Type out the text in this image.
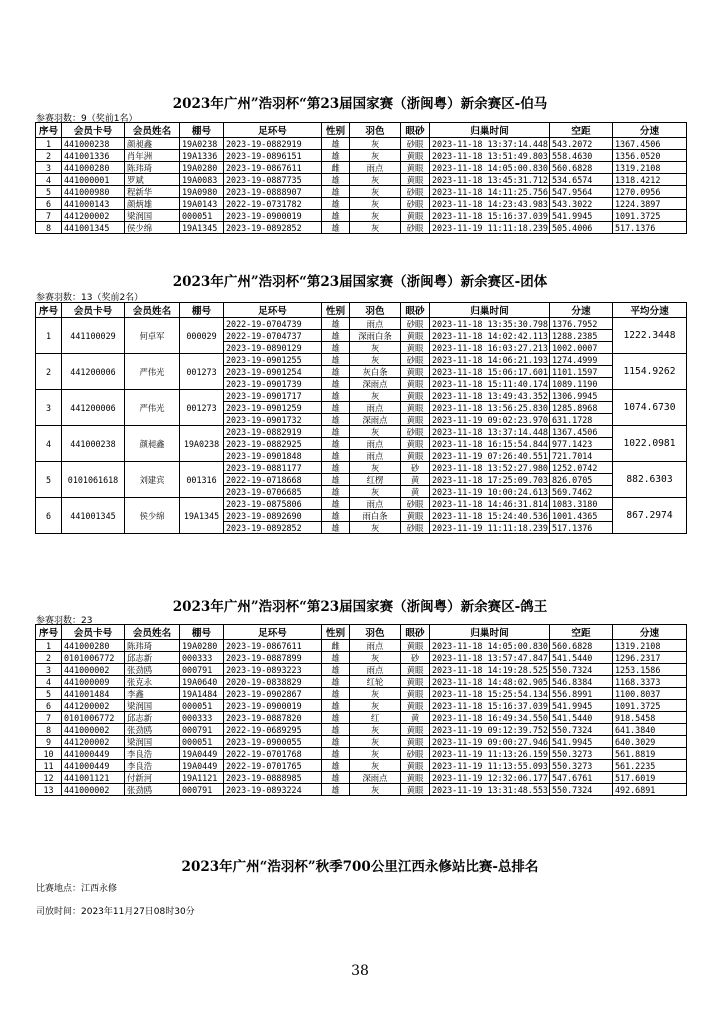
2023年广州”浩羽杯“第23届国家赛（浙闽粤）新余赛区-伯马
参赛羽数：9（奖前1名）
序号	会员卡号	会员姓名	棚号	足环号	性别	羽色	眼砂	归巢时间	空距	分速
1	441000238	颜昶鑫	19A0238	2023-19-0882919	雄	灰	砂眼	2023-11-18 13:37:14.448	543.2072	1367.4506
2	441001336	肖年洲	19A1336	2023-19-0896151	雄	灰	黄眼	2023-11-18 13:51:49.803	558.4630	1356.0520
3	441000280	陈玮琦	19A0280	2023-19-0867611	雌	雨点	黄眼	2023-11-18 14:05:00.830	560.6828	1319.2108
4	441000001	罗斌	19A0083	2023-19-0887735	雄	灰	黄眼	2023-11-18 13:45:31.712	534.6574	1318.4212
5	441000980	程新华	19A0980	2023-19-0888907	雄	灰	砂眼	2023-11-18 14:11:25.756	547.9564	1270.0956
6	441000143	颜炳雄	19A0143	2022-19-0731782	雄	灰	砂眼	2023-11-18 14:23:43.983	543.3022	1224.3897
7	441200002	梁润国	000051	2023-19-0900019	雄	灰	黄眼	2023-11-18 15:16:37.039	541.9945	1091.3725
8	441001345	侯少绵	19A1345	2023-19-0892852	雄	灰	砂眼	2023-11-19 11:11:18.239	505.4006	517.1376
2023年广州”浩羽杯“第23届国家赛（浙闽粤）新余赛区-团体
参赛羽数：13（奖前2名）
序号	会员卡号	会员姓名	棚号	足环号	性别	羽色	眼砂	归巢时间	分速	平均分速
1	441100029	何卓军	000029	2022-19-0704739	雄	雨点	砂眼	2023-11-18 13:35:30.798	1376.7952	1222.3448
				2022-19-0704737	雄	深雨白条	黄眼	2023-11-18 14:02:42.113	1288.2385	
				2023-19-0890129	雄	灰	黄眼	2023-11-18 16:03:27.213	1002.0007	
2	441200006	严伟光	001273	2023-19-0901255	雄	灰	砂眼	2023-11-18 14:06:21.193	1274.4999	1154.9262
				2023-19-0901254	雄	灰白条	黄眼	2023-11-18 15:06:17.601	1101.1597	
				2023-19-0901739	雄	深雨点	黄眼	2023-11-18 15:11:40.174	1089.1190	
3	441200006	严伟光	001273	2023-19-0901717	雄	灰	黄眼	2023-11-18 13:49:43.352	1306.9945	1074.6730
				2023-19-0901259	雄	雨点	黄眼	2023-11-18 13:56:25.830	1285.8968	
				2023-19-0901732	雄	深雨点	黄眼	2023-11-19 09:02:23.970	631.1728	
4	441000238	颜昶鑫	19A0238	2023-19-0882919	雄	灰	砂眼	2023-11-18 13:37:14.448	1367.4506	1022.0981
				2023-19-0882925	雄	雨点	黄眼	2023-11-18 16:15:54.844	977.1423	
				2023-19-0901848	雄	雨点	黄眼	2023-11-19 07:26:40.551	721.7014	
5	0101061618	刘建宾	001316	2023-19-0881177	雄	灰	砂	2023-11-18 13:52:27.980	1252.0742	882.6303
				2022-19-0718668	雄	红楞	黄	2023-11-18 17:25:09.703	826.0705	
				2023-19-0706685	雄	灰	黄	2023-11-19 10:00:24.613	569.7462	
6	441001345	侯少绵	19A1345	2023-19-0875806	雄	雨点	砂眼	2023-11-18 14:46:31.814	1083.3180	867.2974
				2023-19-0892690	雄	雨白条	黄眼	2023-11-18 15:24:40.536	1001.4365	
				2023-19-0892852	雄	灰	砂眼	2023-11-19 11:11:18.239	517.1376	
2023年广州”浩羽杯“第23届国家赛（浙闽粤）新余赛区-鸽王
参赛羽数：23
序号	会员卡号	会员姓名	棚号	足环号	性别	羽色	眼砂	归巢时间	空距	分速
1	441000280	陈玮琦	19A0280	2023-19-0867611	雌	雨点	黄眼	2023-11-18 14:05:00.830	560.6828	1319.2108
2	0101006772	邱志新	000333	2023-19-0887899	雄	灰	砂	2023-11-18 13:57:47.847	541.5440	1296.2317
3	441000002	张劲鸥	000791	2023-19-0893223	雄	雨点	黄眼	2023-11-18 14:19:28.525	550.7324	1253.1586
4	441000009	张克永	19A0640	2020-19-0838829	雄	红轮	黄眼	2023-11-18 14:48:02.905	546.8384	1168.3373
5	441001484	李鑫	19A1484	2023-19-0902867	雄	灰	黄眼	2023-11-18 15:25:54.134	556.8991	1100.8037
6	441200002	梁润国	000051	2023-19-0900019	雄	灰	黄眼	2023-11-18 15:16:37.039	541.9945	1091.3725
7	0101006772	邱志新	000333	2023-19-0887820	雄	红	黄	2023-11-18 16:49:34.550	541.5440	918.5458
8	441000002	张劲鸥	000791	2022-19-0689295	雄	灰	黄眼	2023-11-19 09:12:39.752	550.7324	641.3840
9	441200002	梁润国	000051	2023-19-0900055	雄	灰	黄眼	2023-11-19 09:00:27.946	541.9945	640.3029
10	441000449	李良浩	19A0449	2022-19-0701768	雄	灰	砂眼	2023-11-19 11:13:26.159	550.3273	561.8819
11	441000449	李良浩	19A0449	2022-19-0701765	雄	灰	黄眼	2023-11-19 11:13:55.093	550.3273	561.2235
12	441001121	付新河	19A1121	2023-19-0888985	雄	深雨点	黄眼	2023-11-19 12:32:06.177	547.6761	517.6019
13	441000002	张劲鸥	000791	2023-19-0893224	雄	灰	黄眼	2023-11-19 13:31:48.553	550.7324	492.6891
2023年广州“浩羽杯”秋季700公里江西永修站比赛-总排名
比赛地点：江西永修
司放时间：2023年11月27日08时30分
38
